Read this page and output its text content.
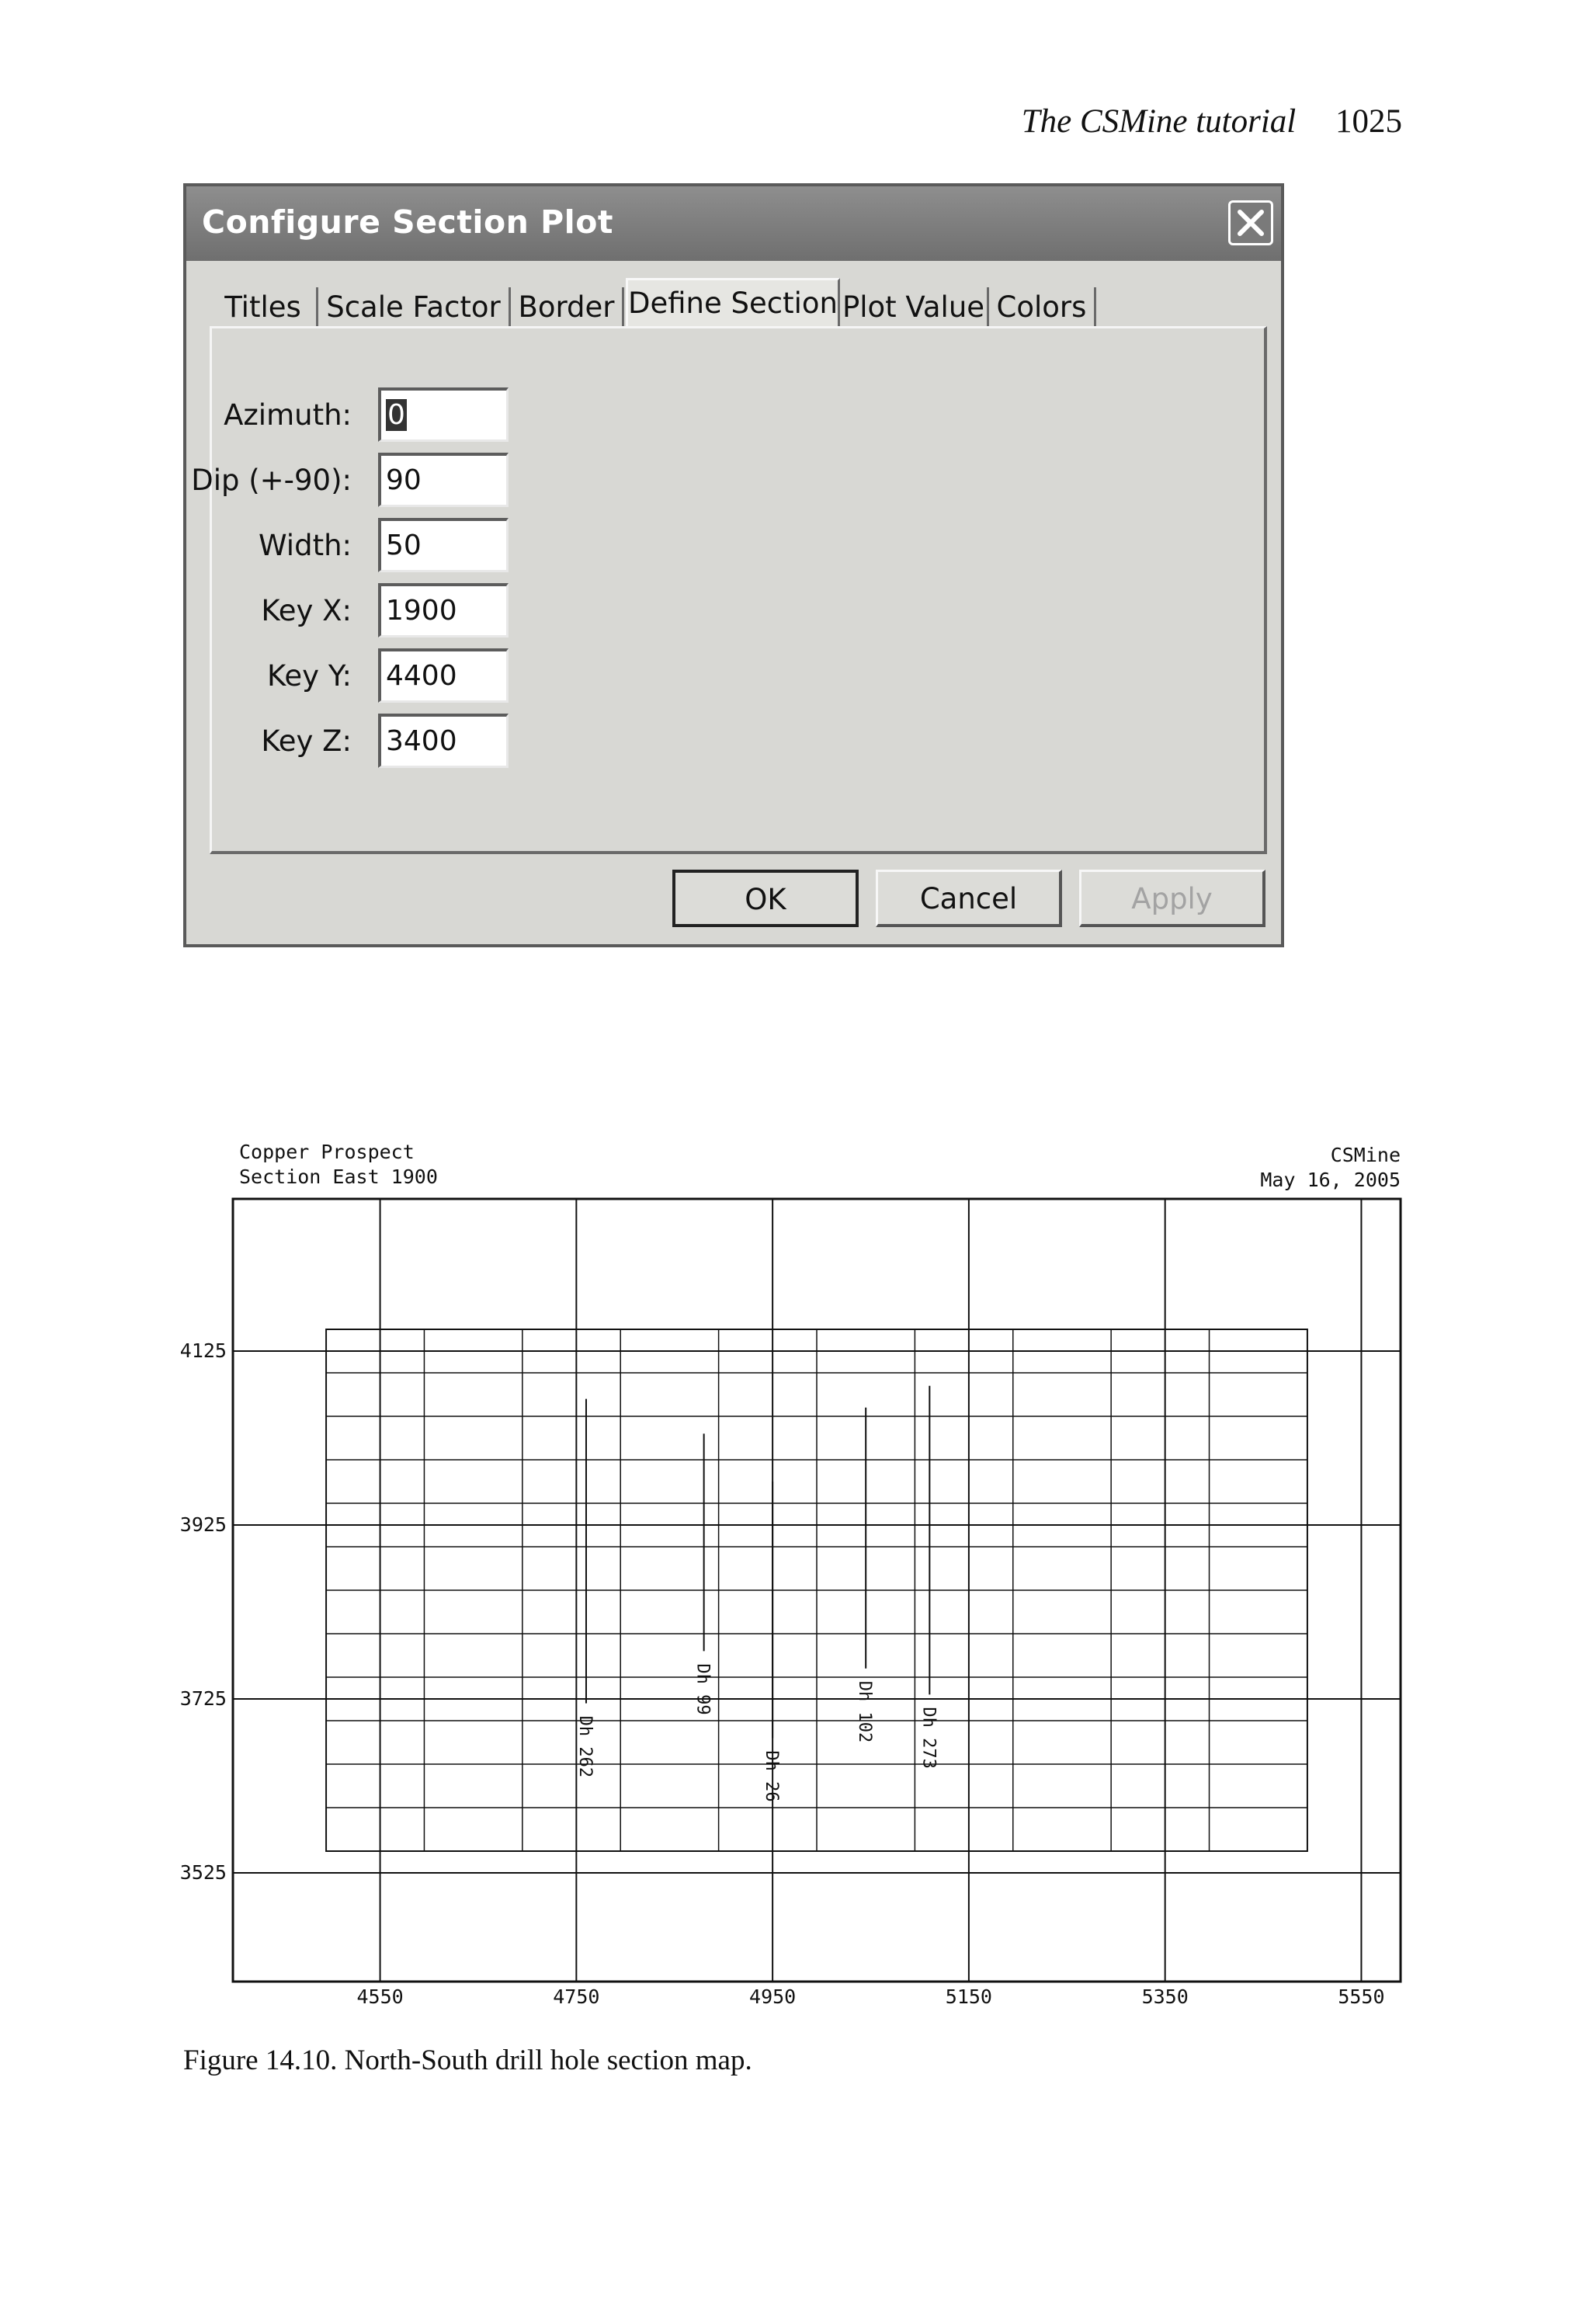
The CSMine tutorial 1025
Configure Section Plot
Titles Scale Factor Border Define Section Plot Value Colors
Azimuth:	0
Dip (+-90): 90
Width: 50
Key X: 1900
Key Y: 4400
Key Z: 3400
OK	Cancel	Apply
4550	4750	4950	5150	5350	5550
4125
3925
3725
3525
Copper Prospect
Section East 1900
CSMine
May 16, 2005
Dh 262
Dh 99
Dh 26
Dh 102	Dh 273
Figure 14.10. North-South drill hole section map.
